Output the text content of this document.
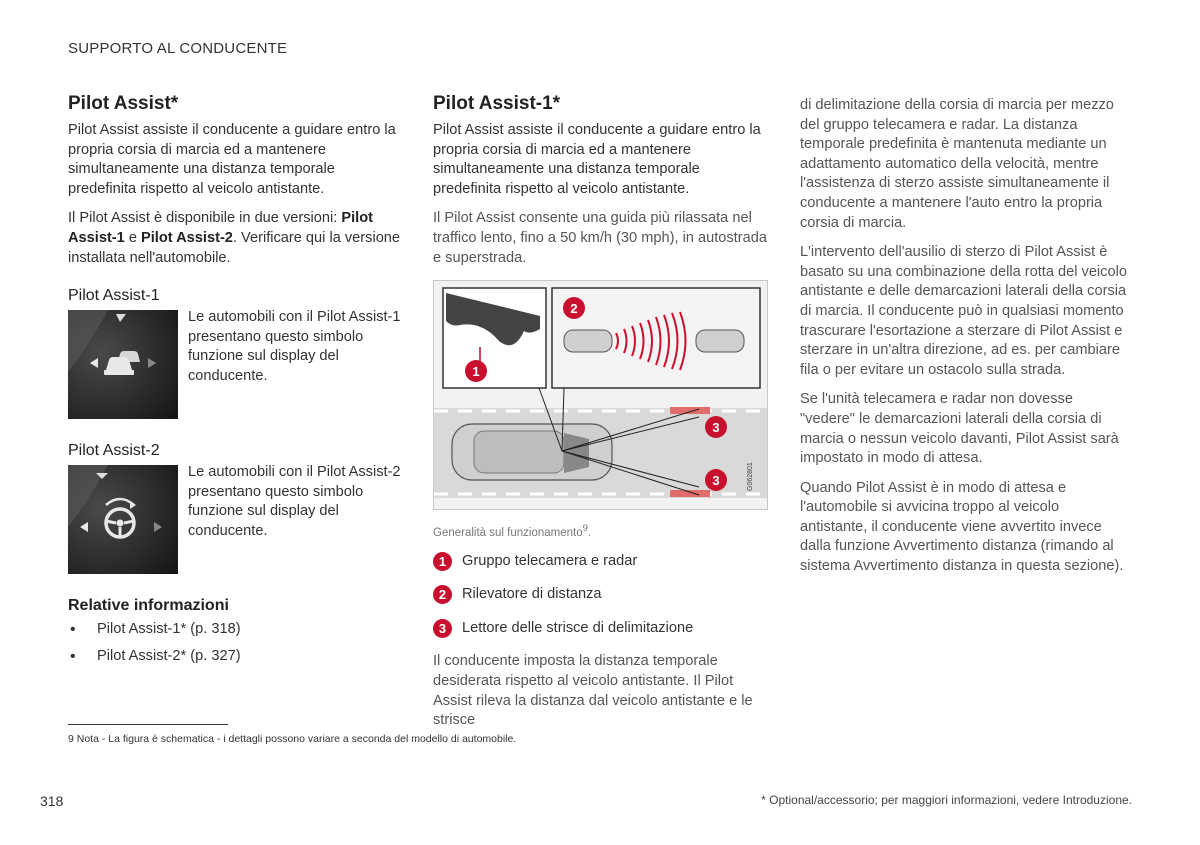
SUPPORTO AL CONDUCENTE
Pilot Assist*

Pilot Assist assiste il conducente a guidare entro la propria corsia di marcia ed a mantenere simultaneamente una distanza temporale predefinita rispetto al veicolo antistante.

Il Pilot Assist è disponibile in due versioni: Pilot Assist-1 e Pilot Assist-2. Verificare qui la versione installata nell'automobile.

Pilot Assist-1
Le automobili con il Pilot Assist-1 presentano questo simbolo funzione sul display del conducente.
Pilot Assist-2
Le automobili con il Pilot Assist-2 presentano questo simbolo funzione sul display del conducente.
Relative informazioni
• Pilot Assist-1* (p. 318)
• Pilot Assist-2* (p. 327)
Pilot Assist-1*

Pilot Assist assiste il conducente a guidare entro la propria corsia di marcia ed a mantenere simultaneamente una distanza temporale predefinita rispetto al veicolo antistante.

Il Pilot Assist consente una guida più rilassata nel traffico lento, fino a 50 km/h (30 mph), in autostrada e superstrada.

1
2
3
3	G062801
Generalità sul funzionamento$^9$.
1	Gruppo telecamera e radar
2	Rilevatore di distanza
3	Lettore delle strisce di delimitazione

Il conducente imposta la distanza temporale desiderata rispetto al veicolo antistante. Il Pilot Assist rileva la distanza dal veicolo antistante e le strisce

di delimitazione della corsia di marcia per mezzo del gruppo telecamera e radar. La distanza temporale predefinita è mantenuta mediante un adattamento automatico della velocità, mentre l'assistenza di sterzo assiste simultaneamente il conducente a mantenere l'auto entro la propria corsia di marcia.

L'intervento dell'ausilio di sterzo di Pilot Assist è basato su una combinazione della rotta del veicolo antistante e delle demarcazioni laterali della corsia di marcia. Il conducente può in qualsiasi momento trascurare l'esortazione a sterzare di Pilot Assist e sterzare in un'altra direzione, ad es. per cambiare fila o per evitare un ostacolo sulla strada.

Se l'unità telecamera e radar non dovesse "vedere" le demarcazioni laterali della corsia di marcia o nessun veicolo davanti, Pilot Assist sarà impostato in modo di attesa.

Quando Pilot Assist è in modo di attesa e l'automobile si avvicina troppo al veicolo antistante, il conducente viene avvertito invece dalla funzione Avvertimento distanza (rimando al sistema Avvertimento distanza in questa sezione).

9 Nota - La figura è schematica - i dettagli possono variare a seconda del modello di automobile.
318	* Optional/accessorio; per maggiori informazioni, vedere Introduzione.
